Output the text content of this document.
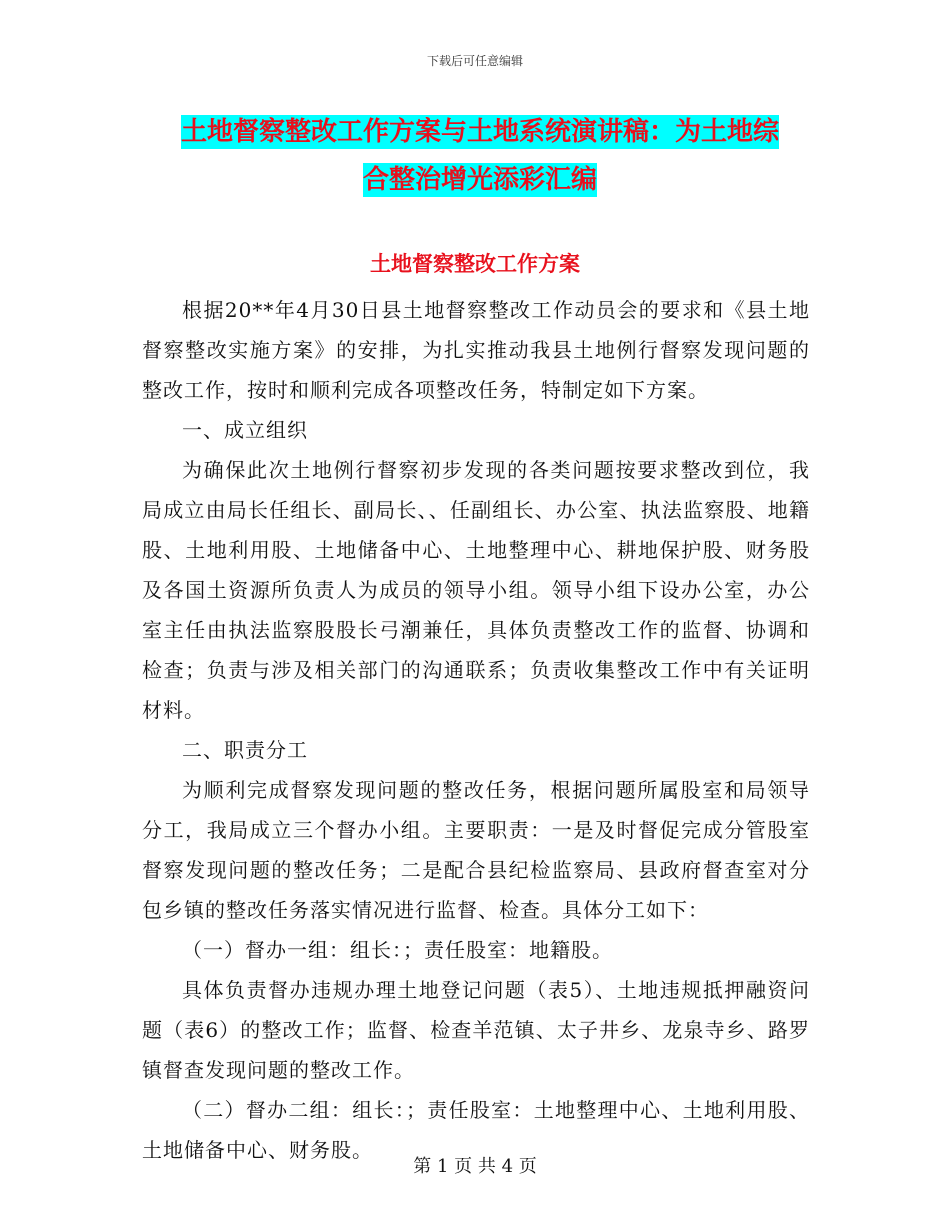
下载后可任意编辑
土地督察整改工作方案与土地系统演讲稿：为土地综
合整治增光添彩汇编
土地督察整改工作方案

根据20**年4月30日县土地督察整改工作动员会的要求和《县土地督察整改实施方案》的安排，为扎实推动我县土地例行督察发现问题的整改工作，按时和顺利完成各项整改任务，特制定如下方案。

一、成立组织

为确保此次土地例行督察初步发现的各类问题按要求整改到位，我局成立由局长任组长、副局长、、任副组长、办公室、执法监察股、地籍股、土地利用股、土地储备中心、土地整理中心、耕地保护股、财务股及各国土资源所负责人为成员的领导小组。领导小组下设办公室，办公室主任由执法监察股股长弓潮兼任，具体负责整改工作的监督、协调和检查；负责与涉及相关部门的沟通联系；负责收集整改工作中有关证明材料。

二、职责分工

为顺利完成督察发现问题的整改任务，根据问题所属股室和局领导分工，我局成立三个督办小组。主要职责：一是及时督促完成分管股室督察发现问题的整改任务；二是配合县纪检监察局、县政府督查室对分包乡镇的整改任务落实情况进行监督、检查。具体分工如下：

（一）督办一组：组长：；责任股室：地籍股。

具体负责督办违规办理土地登记问题（表5）、土地违规抵押融资问题（表6）的整改工作；监督、检查羊范镇、太子井乡、龙泉寺乡、路罗镇督查发现问题的整改工作。

（二）督办二组：组长：；责任股室：土地整理中心、土地利用股、土地储备中心、财务股。

第 1 页 共 4 页
